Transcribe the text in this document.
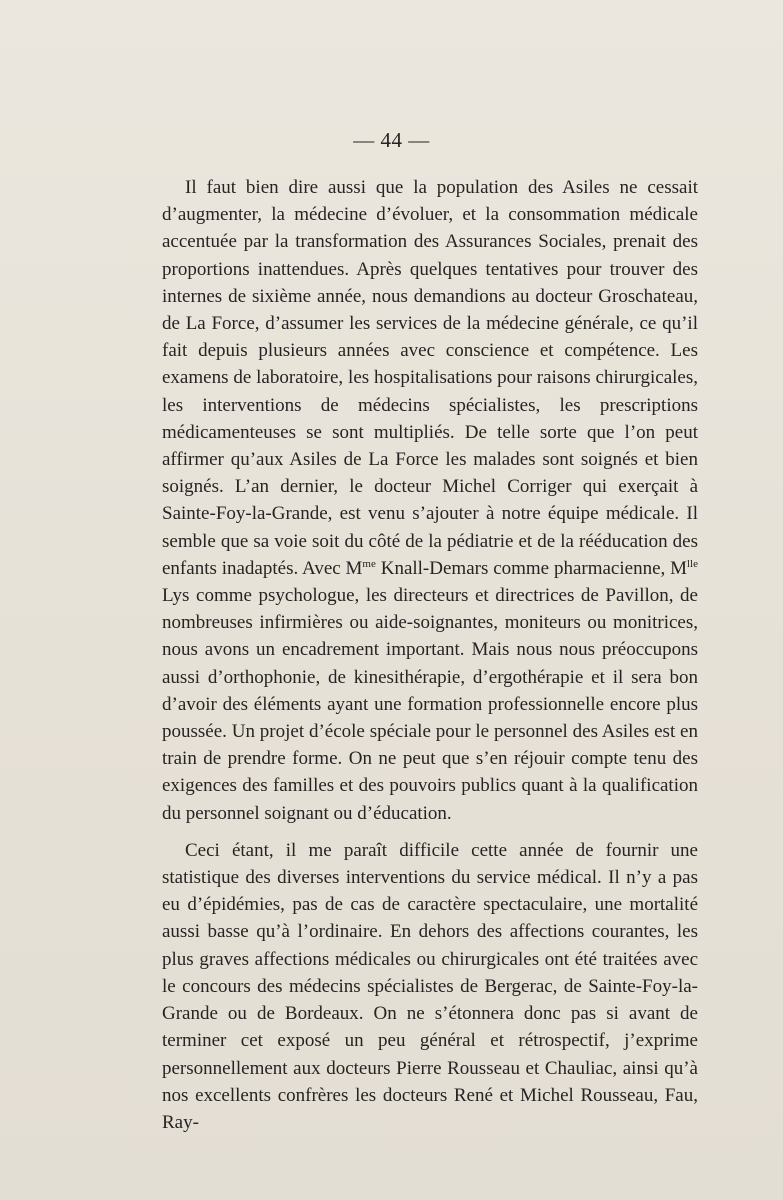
— 44 —

Il faut bien dire aussi que la population des Asiles ne cessait d’augmenter, la médecine d’évoluer, et la consommation médicale accentuée par la transformation des Assurances Sociales, prenait des proportions inattendues. Après quelques tentatives pour trouver des internes de sixième année, nous demandions au docteur Groschateau, de La Force, d’assumer les services de la médecine générale, ce qu’il fait depuis plusieurs années avec conscience et compétence. Les examens de laboratoire, les hospitalisations pour raisons chirurgicales, les interventions de médecins spécialistes, les prescriptions médicamenteuses se sont multipliés. De telle sorte que l’on peut affirmer qu’aux Asiles de La Force les malades sont soignés et bien soignés. L’an dernier, le docteur Michel Corriger qui exerçait à Sainte-Foy-la-Grande, est venu s’ajouter à notre équipe médicale. Il semble que sa voie soit du côté de la pédiatrie et de la rééducation des enfants inadaptés. Avec $M^{me}$ Knall-Demars comme pharmacienne, $M^{lle}$ Lys comme psychologue, les directeurs et directrices de Pavillon, de nombreuses infirmières ou aide-soignantes, moniteurs ou monitrices, nous avons un encadrement important. Mais nous nous préoccupons aussi d’orthophonie, de kinesithérapie, d’ergothérapie et il sera bon d’avoir des éléments ayant une formation professionnelle encore plus poussée. Un projet d’école spéciale pour le personnel des Asiles est en train de prendre forme. On ne peut que s’en réjouir compte tenu des exigences des familles et des pouvoirs publics quant à la qualification du personnel soignant ou d’éducation.

Ceci étant, il me paraît difficile cette année de fournir une statistique des diverses interventions du service médical. Il n’y a pas eu d’épidémies, pas de cas de caractère spectaculaire, une mortalité aussi basse qu’à l’ordinaire. En dehors des affections courantes, les plus graves affections médicales ou chirurgicales ont été traitées avec le concours des médecins spécialistes de Bergerac, de Sainte-Foy-la-Grande ou de Bordeaux. On ne s’étonnera donc pas si avant de terminer cet exposé un peu général et rétrospectif, j’exprime personnellement aux docteurs Pierre Rousseau et Chauliac, ainsi qu’à nos excellents confrères les docteurs René et Michel Rousseau, Fau, Ray-
